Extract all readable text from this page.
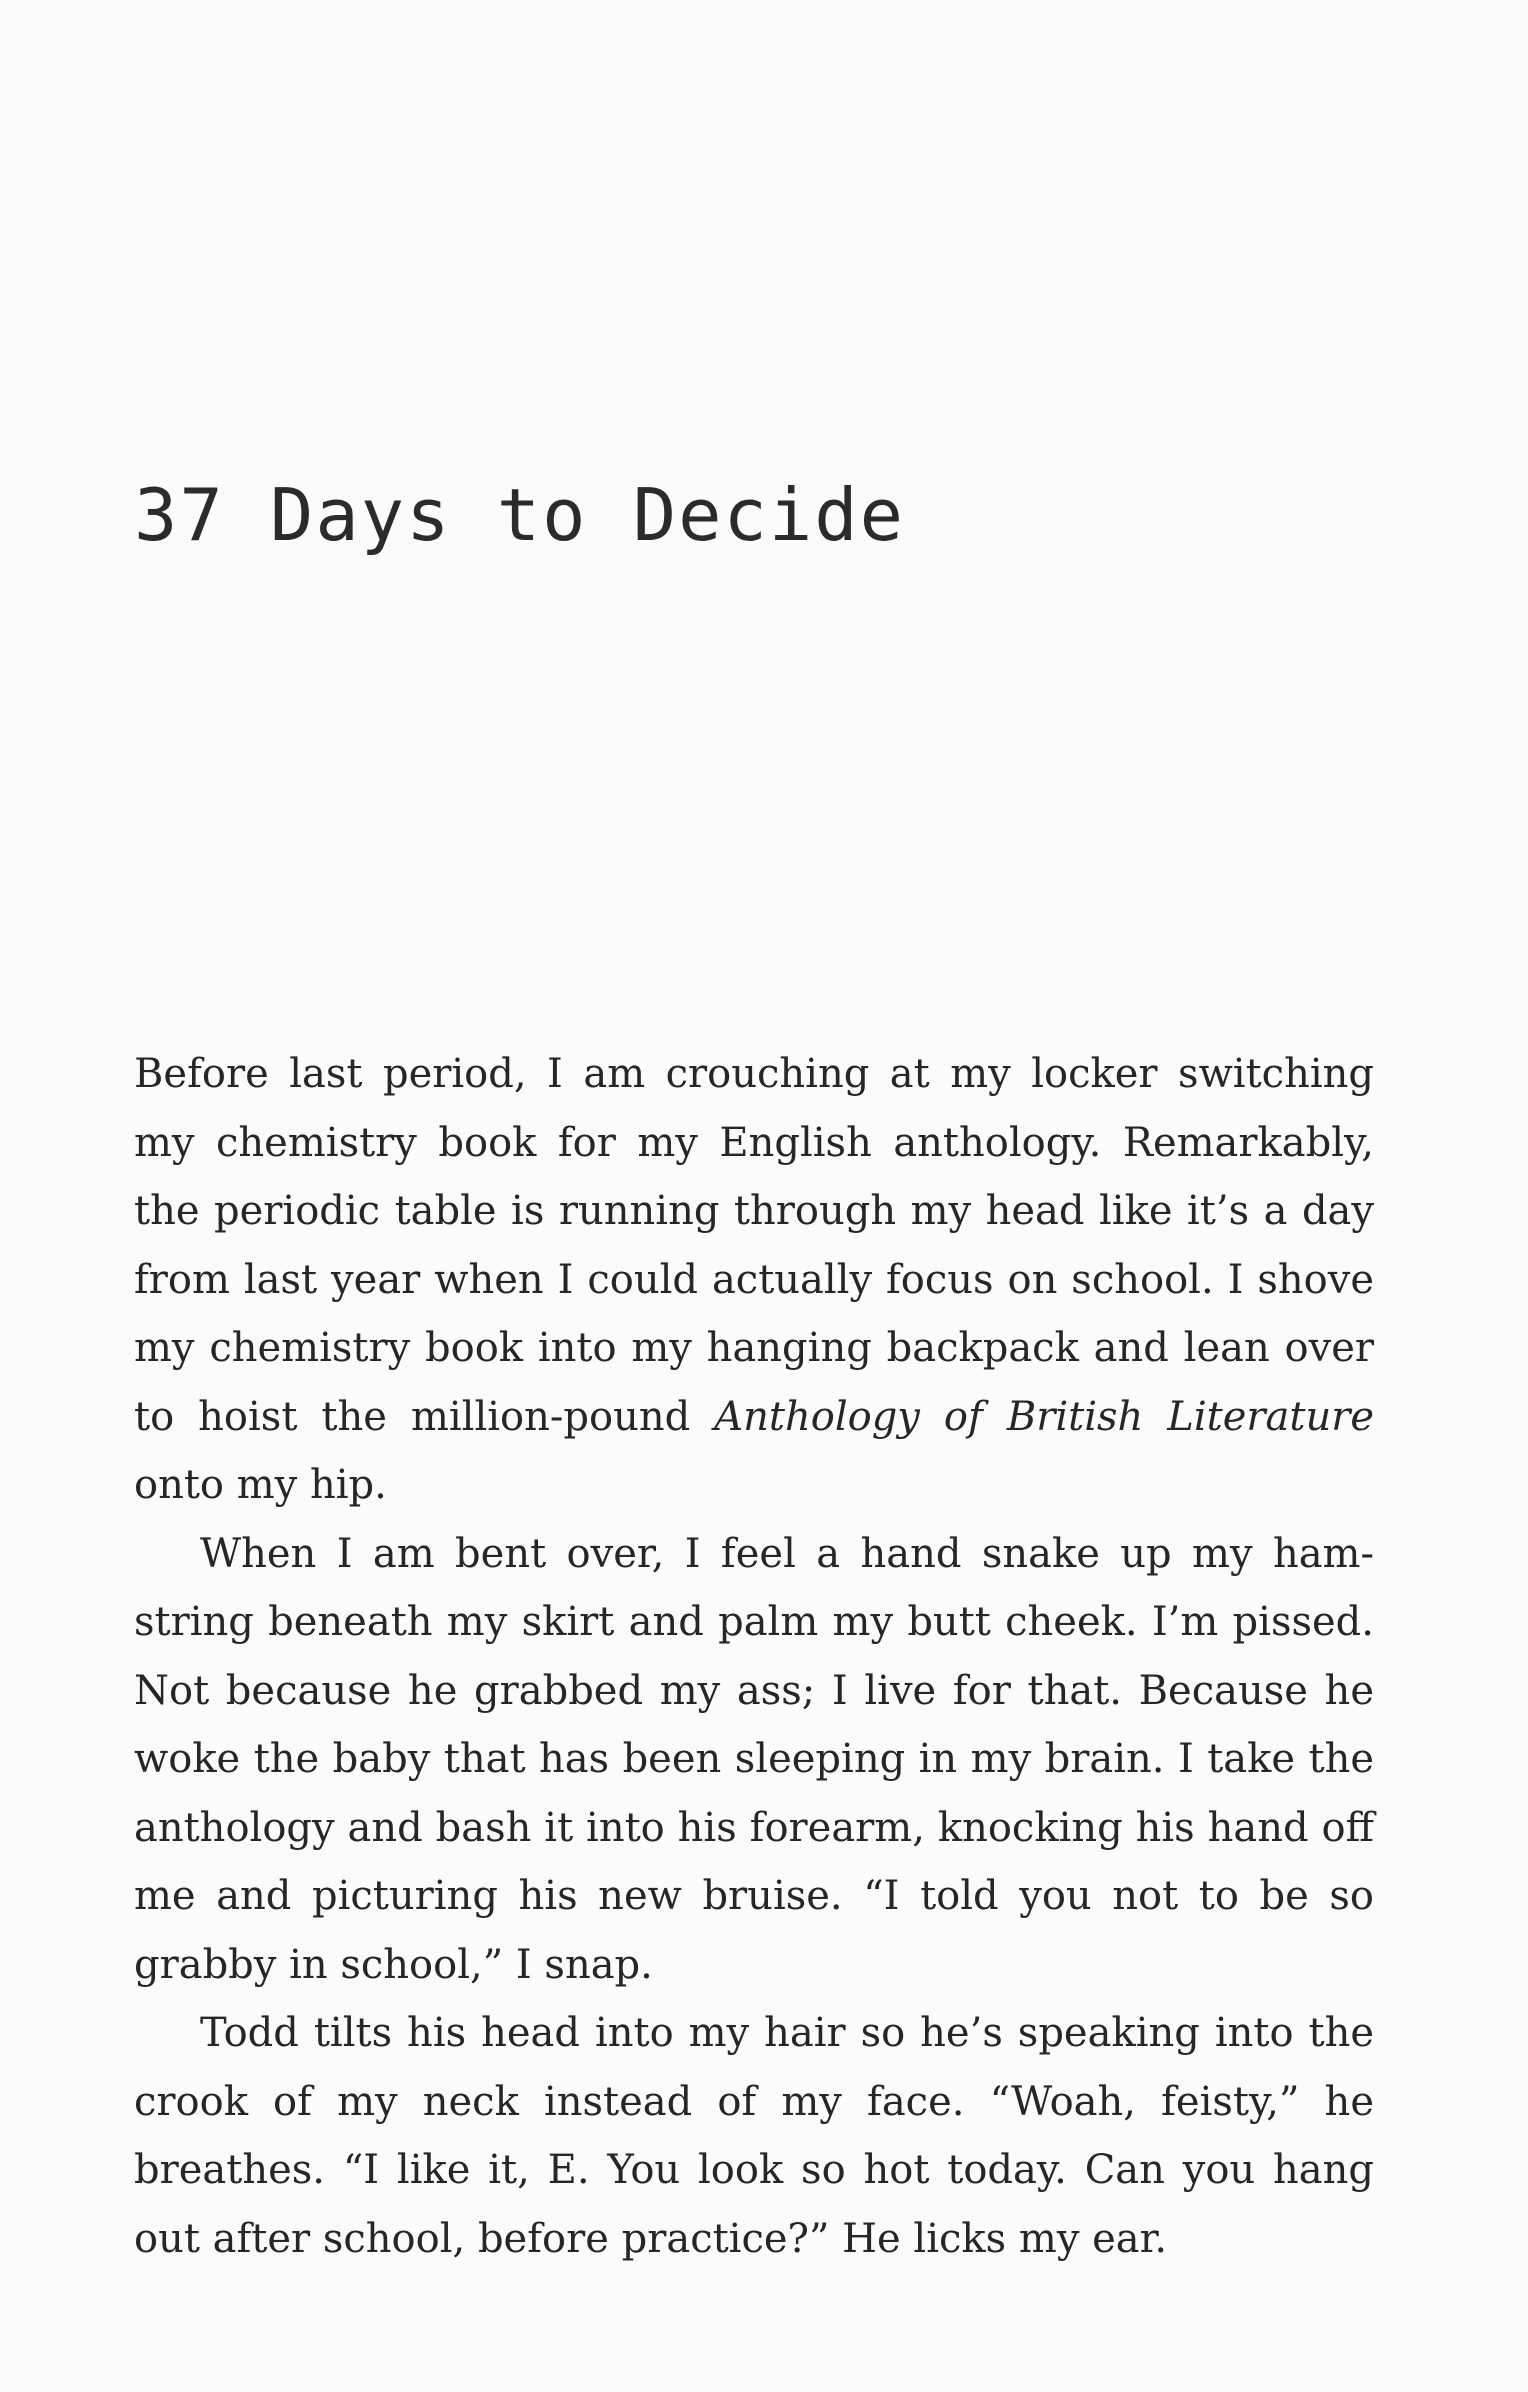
37 Days to Decide

Before last period, I am crouching at my locker switching my chemistry book for my English anthology. Remarkably, the periodic table is running through my head like it’s a day from last year when I could actually focus on school. I shove my chemistry book into my hanging backpack and lean over to hoist the million-pound Anthology of British Literature onto my hip.

When I am bent over, I feel a hand snake up my hamstring beneath my skirt and palm my butt cheek. I’m pissed. Not because he grabbed my ass; I live for that. Because he woke the baby that has been sleeping in my brain. I take the anthology and bash it into his forearm, knocking his hand off me and picturing his new bruise. “I told you not to be so grabby in school,” I snap.

Todd tilts his head into my hair so he’s speaking into the crook of my neck instead of my face. “Woah, feisty,” he breathes. “I like it, E. You look so hot today. Can you hang out after school, before practice?” He licks my ear.
